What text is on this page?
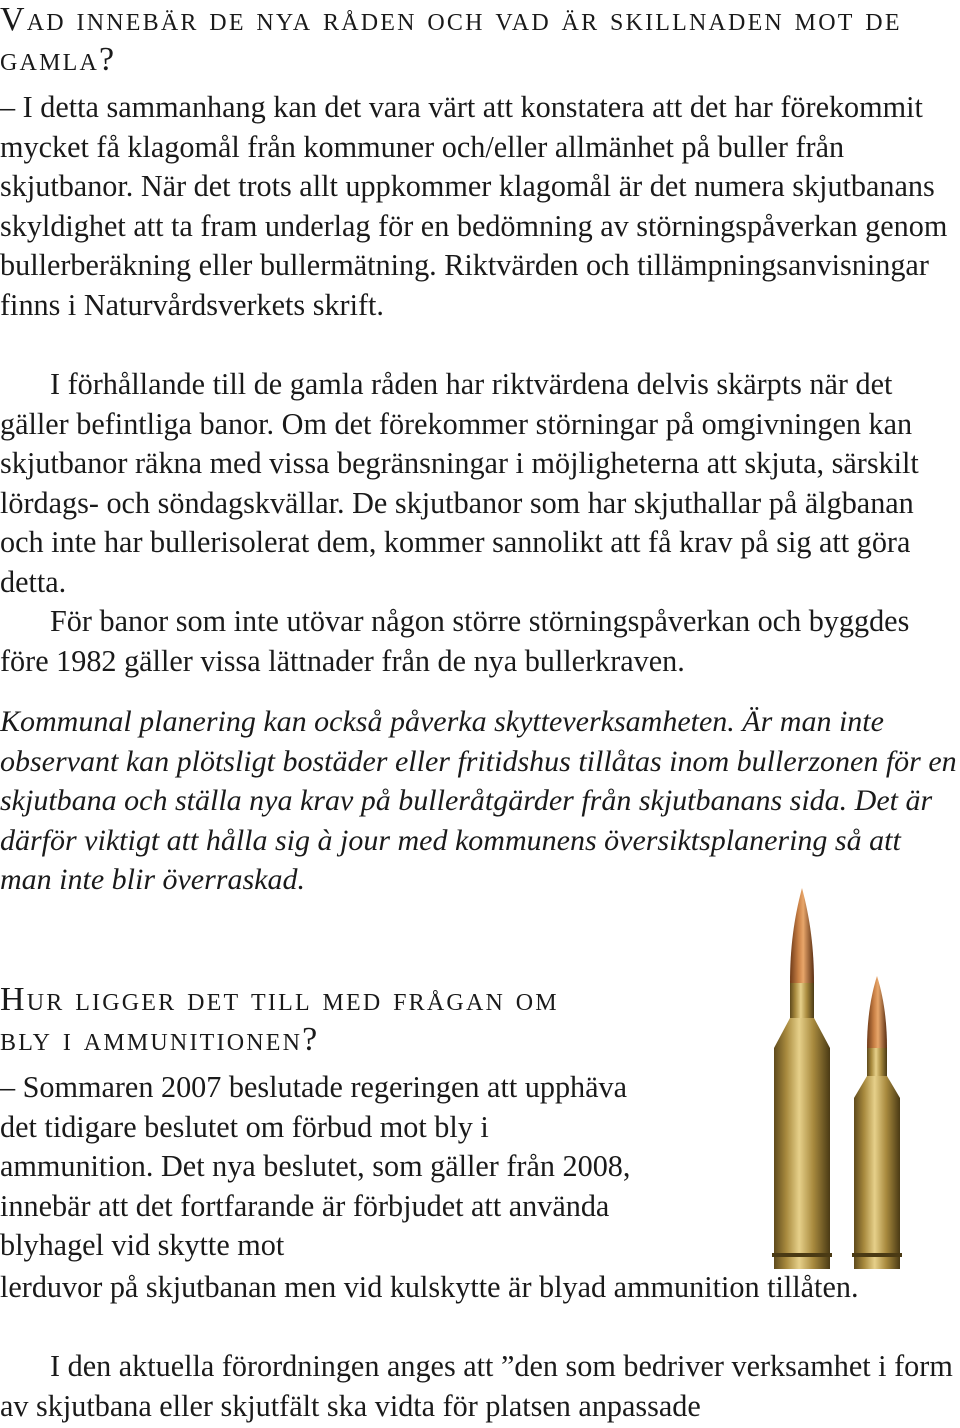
Vad innebär de nya råden och vad är skillnaden mot de gamla?

– I detta sammanhang kan det vara värt att konstatera att det har förekommit mycket få klagomål från kommuner och/eller allmänhet på buller från skjutbanor. När det trots allt uppkommer klagomål är det numera skjutbanans skyldighet att ta fram underlag för en bedömning av störningspåverkan genom bullerberäkning eller bullermätning. Riktvärden och tillämpningsanvisningar finns i Naturvårdsverkets skrift.

I förhållande till de gamla råden har riktvärdena delvis skärpts när det gäller befintliga banor. Om det förekommer störningar på omgivningen kan skjutbanor räkna med vissa begränsningar i möjligheterna att skjuta, särskilt lördags- och söndagskvällar. De skjutbanor som har skjuthallar på älgbanan och inte har bullerisolerat dem, kommer sannolikt att få krav på sig att göra detta.

För banor som inte utövar någon större störningspåverkan och byggdes före 1982 gäller vissa lättnader från de nya bullerkraven.

Kommunal planering kan också påverka skytteverksamheten. Är man inte observant kan plötsligt bostäder eller fritidshus tillåtas inom bullerzonen för en skjutbana och ställa nya krav på bulleråtgärder från skjutbanans sida. Det är därför viktigt att hålla sig à jour med kommunens översiktsplanering så att man inte blir överraskad.

Hur ligger det till med frågan om bly i ammunitionen?

– Sommaren 2007 beslutade regeringen att upphäva det tidigare beslutet om förbud mot bly i ammunition. Det nya beslutet, som gäller från 2008, innebär att det fortfarande är förbjudet att använda blyhagel vid skytte mot

lerduvor på skjutbanan men vid kulskytte är blyad ammunition tillåten.

I den aktuella förordningen anges att ”den som bedriver verksamhet i form av skjutbana eller skjutfält ska vidta för platsen anpassade
